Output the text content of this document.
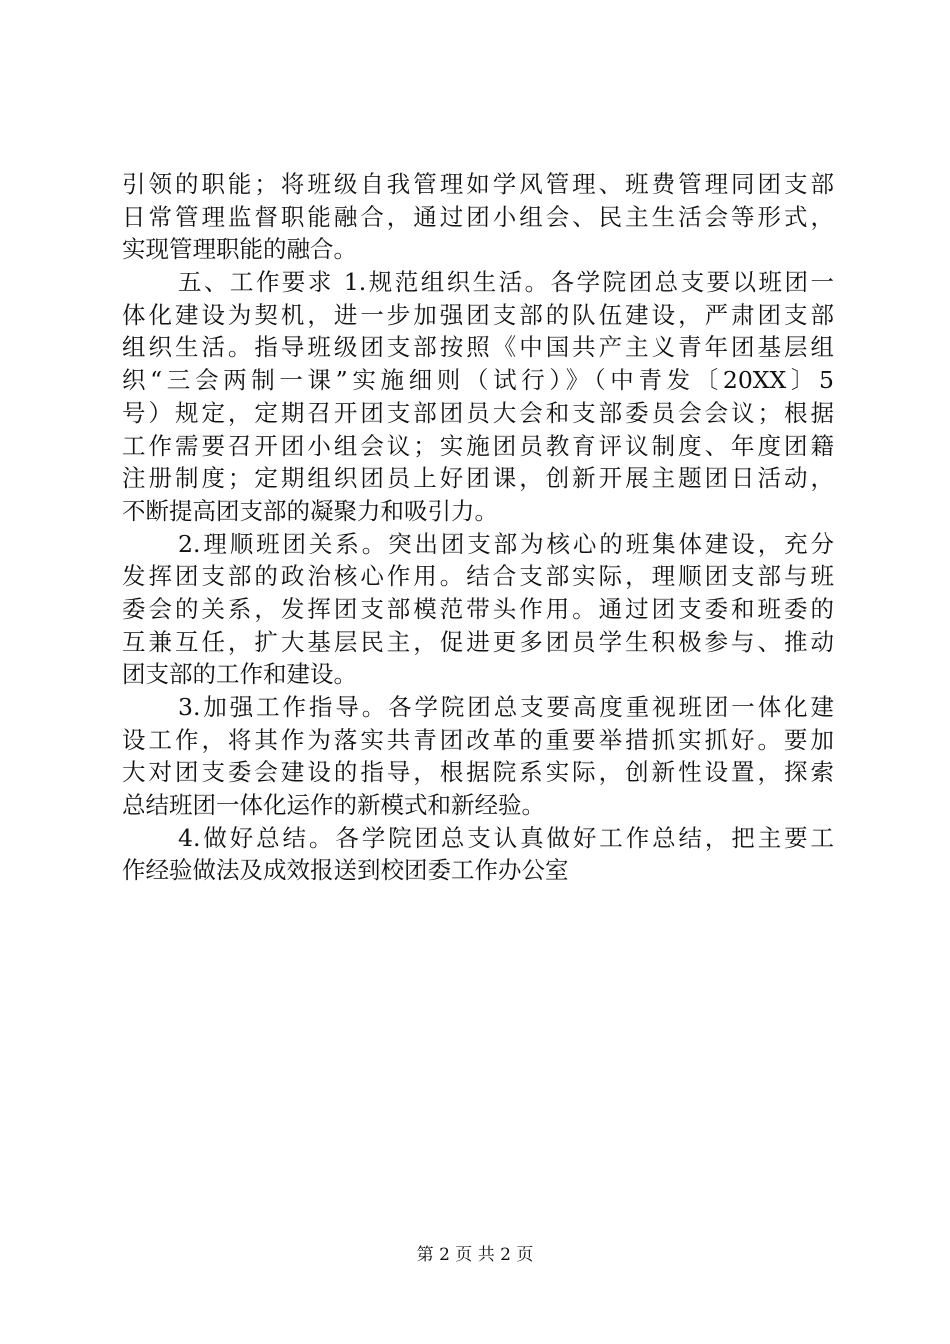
引领的职能；将班级自我管理如学风管理、班费管理同团支部
日常管理监督职能融合，通过团小组会、民主生活会等形式，
实现管理职能的融合。
五、工作要求 1.规范组织生活。各学院团总支要以班团一
体化建设为契机，进一步加强团支部的队伍建设，严肃团支部
组织生活。指导班级团支部按照《中国共产主义青年团基层组
织“三会两制一课”实施细则（试行）》（中青发〔20XX〕5
号）规定，定期召开团支部团员大会和支部委员会会议；根据
工作需要召开团小组会议；实施团员教育评议制度、年度团籍
注册制度；定期组织团员上好团课，创新开展主题团日活动，
不断提高团支部的凝聚力和吸引力。
2.理顺班团关系。突出团支部为核心的班集体建设，充分
发挥团支部的政治核心作用。结合支部实际，理顺团支部与班
委会的关系，发挥团支部模范带头作用。通过团支委和班委的
互兼互任，扩大基层民主，促进更多团员学生积极参与、推动
团支部的工作和建设。
3.加强工作指导。各学院团总支要高度重视班团一体化建
设工作，将其作为落实共青团改革的重要举措抓实抓好。要加
大对团支委会建设的指导，根据院系实际，创新性设置，探索
总结班团一体化运作的新模式和新经验。
4.做好总结。各学院团总支认真做好工作总结，把主要工
作经验做法及成效报送到校团委工作办公室
第 2 页 共 2 页
